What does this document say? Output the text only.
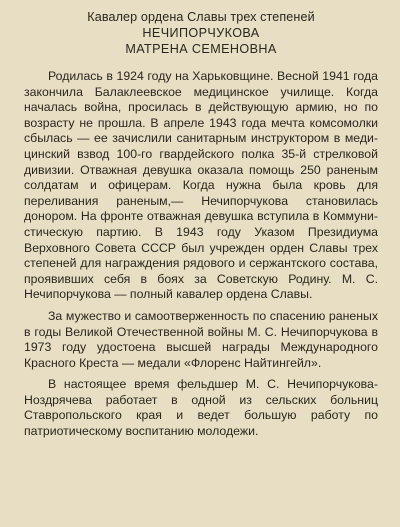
Кавалер ордена Славы трех степеней
НЕЧИПОРЧУКОВА
МАТРЕНА СЕМЕНОВНА

Родилась в 1924 году на Харьковщине. Весной 1941 года закончила Балаклеевское медицинское училище. Когда началась война, просилась в действующую армию, но по возрасту не прошла. В апреле 1943 года мечта комсомолки сбылась — ее зачислили санитарным инструктором в медицинский взвод 100-го гвардейского полка 35-й стрелковой дивизии. Отважная девушка оказала помощь 250 раненым солдатам и офицерам. Когда нужна была кровь для переливания раненым,— Нечипорчукова становилась донором. На фронте отважная девушка вступила в Коммунистическую партию. В 1943 году Указом Президиума Верховного Совета СССР был учрежден орден Славы трех степеней для награждения рядового и сержантского состава, проявивших себя в боях за Советскую Родину. М. С. Нечипорчукова — полный кавалер ордена Славы.

За мужество и самоотверженность по спасению раненых в годы Великой Отечественной войны М. С. Нечипорчукова в 1973 году удостоена высшей награды Международного Красного Креста — медали «Флоренс Найтингейл».

В настоящее время фельдшер М. С. Нечипорчукова-Ноздрячева работает в одной из сельских больниц Ставропольского края и ведет большую работу по патриотическому воспитанию молодежи.
